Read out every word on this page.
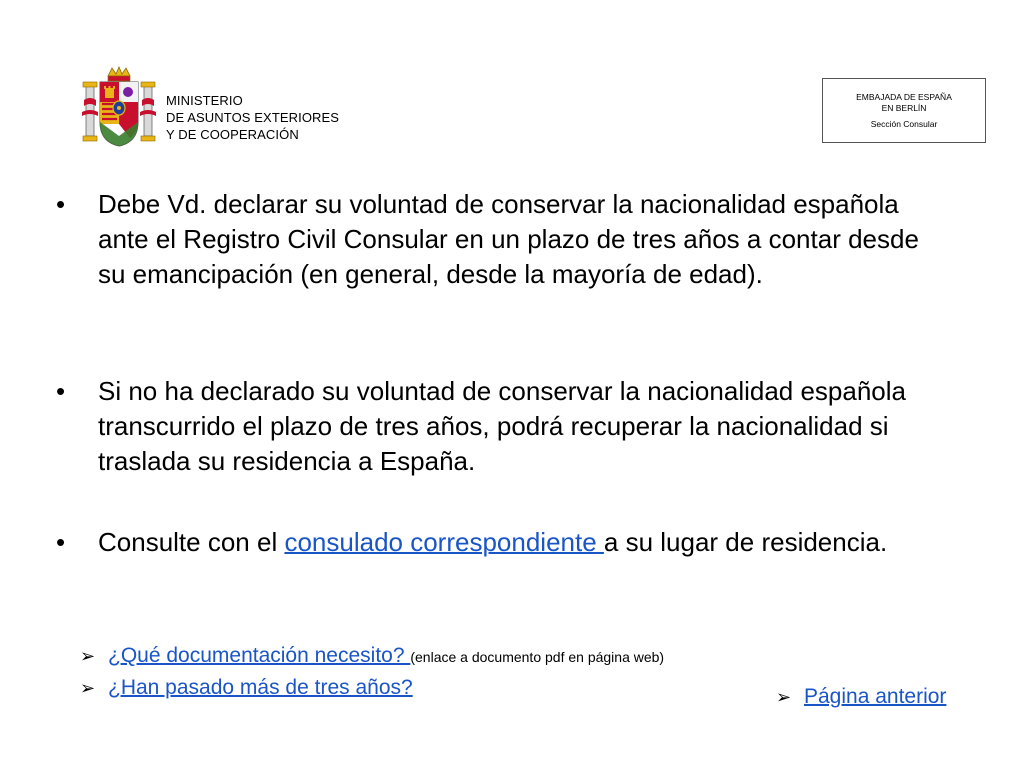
MINISTERIO
DE ASUNTOS EXTERIORES
Y DE COOPERACIÓN
EMBAJADA DE ESPAÑA
EN BERLÍN
Sección Consular
•	Debe Vd. declarar su voluntad de conservar la nacionalidad española ante el Registro Civil Consular en un plazo de tres años a contar desde su emancipación (en general, desde la mayoría de edad).
•	Si no ha declarado su voluntad de conservar la nacionalidad española transcurrido el plazo de tres años, podrá recuperar la nacionalidad si traslada su residencia a España.
•	Consulte con el consulado correspondiente a su lugar de residencia.
➢ ¿Qué documentación necesito? (enlace a documento pdf en página web)
➢ ¿Han pasado más de tres años?	➢ Página anterior
